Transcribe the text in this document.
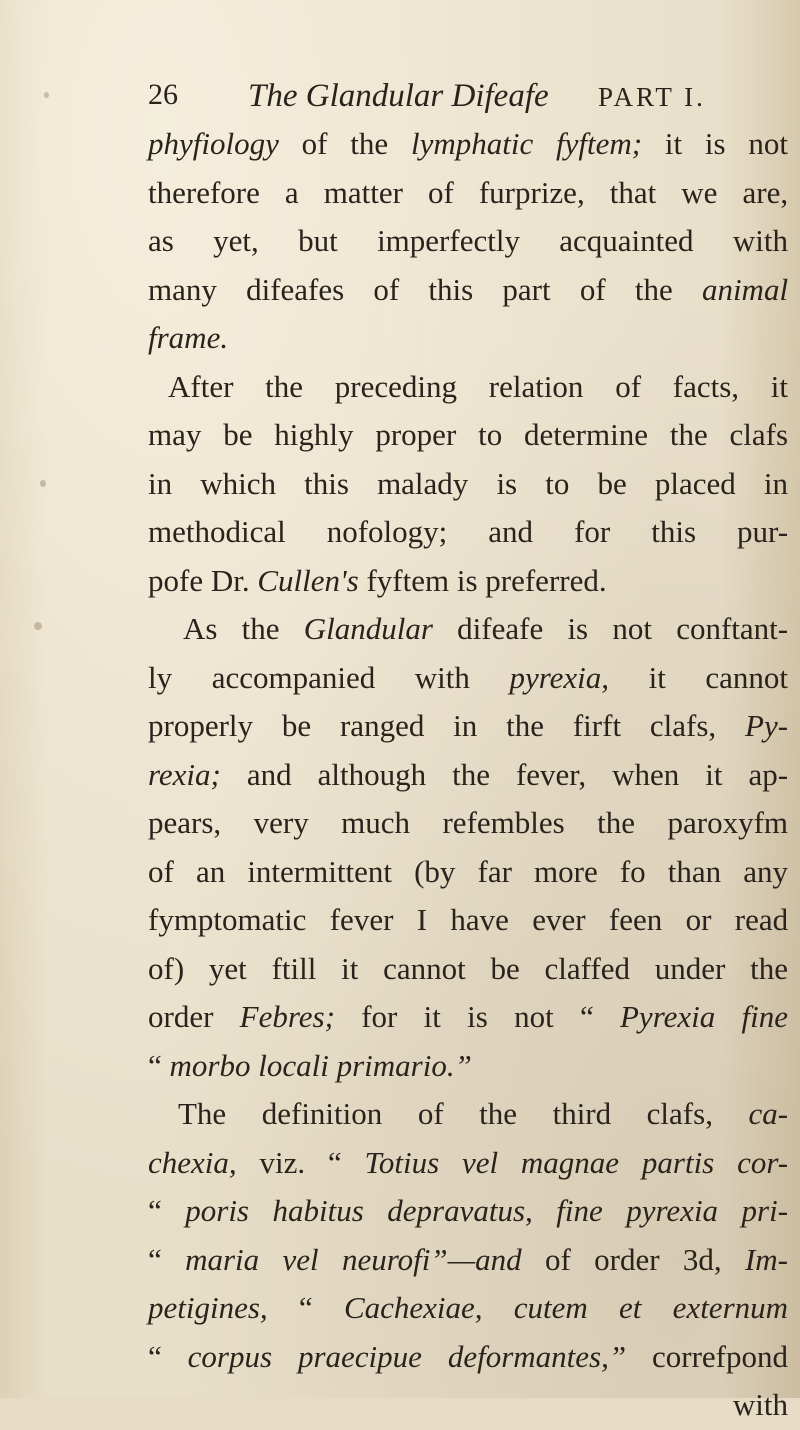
26 The Glandular Difeafe PART I.
phyfiology of the lymphatic fyftem; it is not
therefore a matter of furprize, that we are,
as yet, but imperfectly acquainted with
many difeafes of this part of the animal
frame.
After the preceding relation of facts, it
may be highly proper to determine the clafs
in which this malady is to be placed in
methodical nofology; and for this pur-
pofe Dr. Cullen's fyftem is preferred.
As the Glandular difeafe is not conftant-
ly accompanied with pyrexia, it cannot
properly be ranged in the firft clafs, Py-
rexia; and although the fever, when it ap-
pears, very much refembles the paroxyfm
of an intermittent (by far more fo than any
fymptomatic fever I have ever feen or read
of) yet ftill it cannot be claffed under the
order Febres; for it is not “ Pyrexia fine
“ morbo locali primario.”
The definition of the third clafs, ca-
chexia, viz. “ Totius vel magnae partis cor-
“ poris habitus depravatus, fine pyrexia pri-
“ maria vel neurofi”—and of order 3d, Im-
petigines, “ Cachexiae, cutem et externum
“ corpus praecipue deformantes,” correfpond
with
